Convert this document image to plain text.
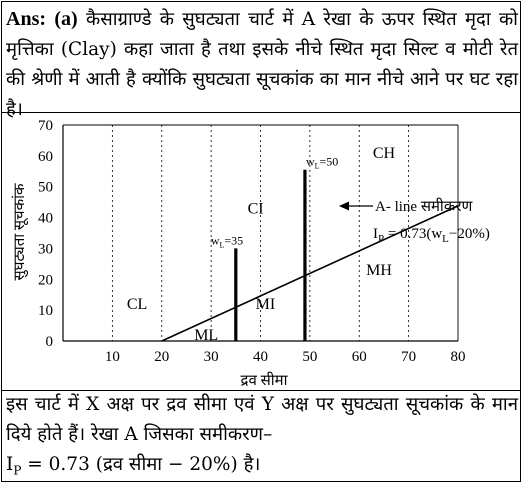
Ans: (a) कैसाग्राण्डे के सुघट्यता चार्ट में A रेखा के ऊपर स्थित मृदा को मृत्तिका (Clay) कहा जाता है तथा इसके नीचे स्थित मृदा सिल्ट व मोटी रेत की श्रेणी में आती है क्योंकि सुघट्यता सूचकांक का मान नीचे आने पर घट रहा है।
10 20 30 40 50 60 70 80
0
10
20
30
40
50
60
70
$w_L=35$
$w_L=50$ CH
CI
MH
CL	MI
ML
द्रव सीमा
सुघट्यता सूचकांक	A- line समीकरण
$I_P = 0.73(w_L-20\%)$
इस चार्ट में X अक्ष पर द्रव सीमा एवं Y अक्ष पर सुघट्यता सूचकांक के मान दिये होते हैं। रेखा A जिसका समीकरण–
$I_P = 0.73$ (द्रव सीमा − 20%) है।
